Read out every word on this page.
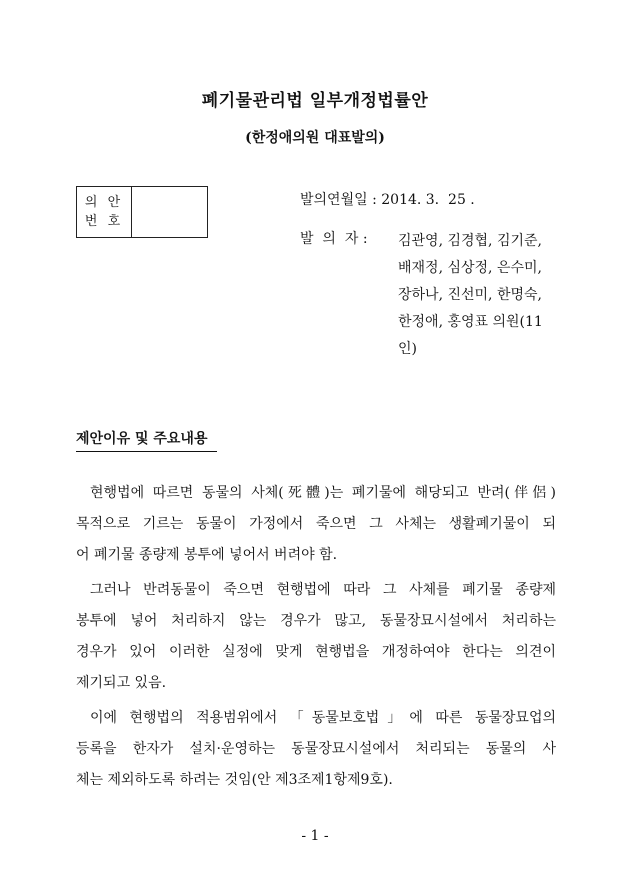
폐기물관리법 일부개정법률안
(한정애의원 대표발의)
의 안
번 호
발의연월일 : 2014. 3.  25 .
발  의  자 : 김관영, 김경협, 김기준,
배재정, 심상정, 은수미,
장하나, 진선미, 한명숙,
한정애, 홍영표 의원(11
인)
제안이유 및 주요내용

현행법에 따르면 동물의 사체(死體)는 폐기물에 해당되고 반려(伴侶)
목적으로 기르는 동물이 가정에서 죽으면 그 사체는 생활폐기물이 되
어 폐기물 종량제 봉투에 넣어서 버려야 함.

그러나 반려동물이 죽으면 현행법에 따라 그 사체를 폐기물 종량제
봉투에 넣어 처리하지 않는 경우가 많고, 동물장묘시설에서 처리하는
경우가 있어 이러한 실정에 맞게 현행법을 개정하여야 한다는 의견이
제기되고 있음.

이에 현행법의 적용범위에서 「동물보호법」에 따른 동물장묘업의
등록을 한자가 설치·운영하는 동물장묘시설에서 처리되는 동물의 사
체는 제외하도록 하려는 것임(안 제3조제1항제9호).

- 1 -
